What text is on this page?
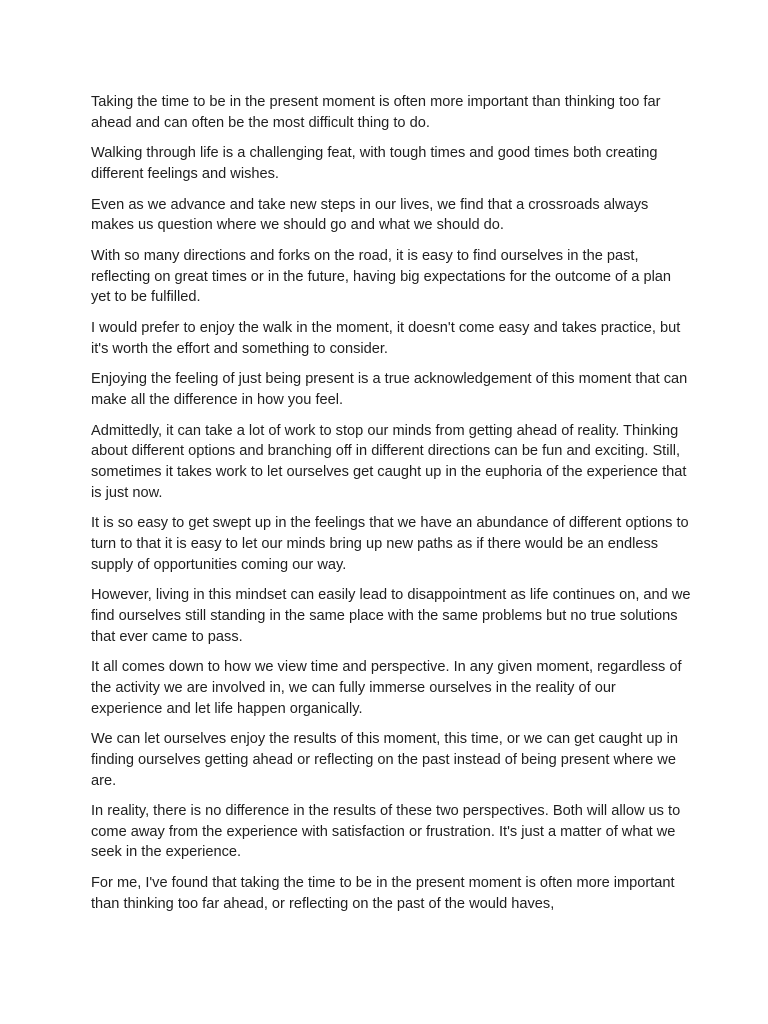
Taking the time to be in the present moment is often more important than thinking too far ahead and can often be the most difficult thing to do.

Walking through life is a challenging feat, with tough times and good times both creating different feelings and wishes.

Even as we advance and take new steps in our lives, we find that a crossroads always makes us question where we should go and what we should do.

With so many directions and forks on the road, it is easy to find ourselves in the past, reflecting on great times or in the future, having big expectations for the outcome of a plan yet to be fulfilled.

I would prefer to enjoy the walk in the moment, it doesn't come easy and takes practice, but it's worth the effort and something to consider.

Enjoying the feeling of just being present is a true acknowledgement of this moment that can make all the difference in how you feel.

Admittedly, it can take a lot of work to stop our minds from getting ahead of reality. Thinking about different options and branching off in different directions can be fun and exciting. Still, sometimes it takes work to let ourselves get caught up in the euphoria of the experience that is just now.

It is so easy to get swept up in the feelings that we have an abundance of different options to turn to that it is easy to let our minds bring up new paths as if there would be an endless supply of opportunities coming our way.

However, living in this mindset can easily lead to disappointment as life continues on, and we find ourselves still standing in the same place with the same problems but no true solutions that ever came to pass.

It all comes down to how we view time and perspective. In any given moment, regardless of the activity we are involved in, we can fully immerse ourselves in the reality of our experience and let life happen organically.

We can let ourselves enjoy the results of this moment, this time, or we can get caught up in finding ourselves getting ahead or reflecting on the past instead of being present where we are.

In reality, there is no difference in the results of these two perspectives. Both will allow us to come away from the experience with satisfaction or frustration. It's just a matter of what we seek in the experience.

For me, I've found that taking the time to be in the present moment is often more important than thinking too far ahead, or reflecting on the past of the would haves,
